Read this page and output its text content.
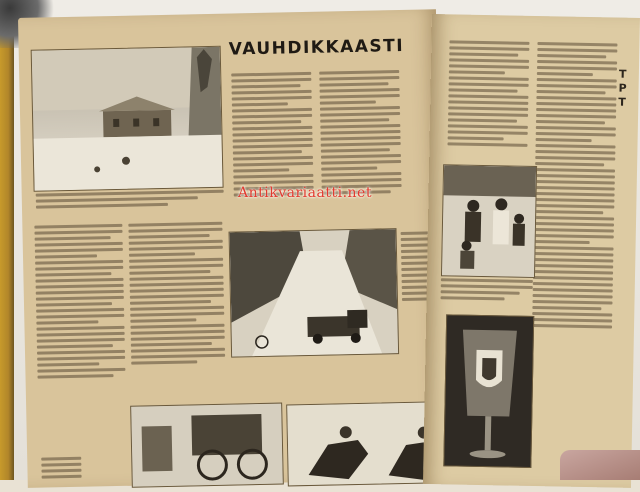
VAUHDIKKAASTI
T
P
T
Antikvariaatti.net
